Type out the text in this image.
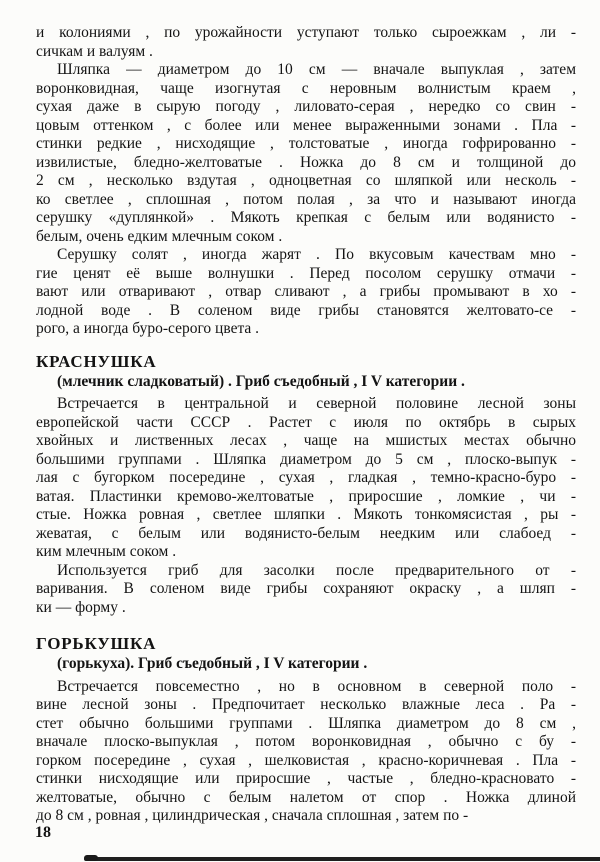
и колониями , по урожайности уступают только сыроежкам , ли -
сичкам и валуям .
Шляпка — диаметром до 10 см — вначале выпуклая , затем
воронковидная, чаще изогнутая с неровным волнистым краем ,
сухая даже в сырую погоду , лиловато-серая , нередко со свин -
цовым оттенком , с более или менее выраженными зонами . Пла -
стинки редкие , нисходящие , толстоватые , иногда гофрированно -
извилистые, бледно-желтоватые . Ножка до 8 см и толщиной до
2 см , несколько вздутая , одноцветная со шляпкой или несколь -
ко светлее , сплошная , потом полая , за что и называют иногда
серушку «дуплянкой» . Мякоть крепкая с белым или водянисто -
белым, очень едким млечным соком .
Серушку солят , иногда жарят . По вкусовым качествам мно -
гие ценят её выше волнушки . Перед посолом серушку отмачи -
вают или отваривают , отвар сливают , а грибы промывают в хо -
лодной воде . В соленом виде грибы становятся желтовато-се -
рого, а иногда буро-серого цвета .
КРАСНУШКА

(млечник сладковатый) . Гриб съедобный , I V категории .

Встречается в центральной и северной половине лесной зоны
европейской части СССР . Растет с июля по октябрь в сырых
хвойных и лиственных лесах , чаще на мшистых местах обычно
большими группами . Шляпка диаметром до 5 см , плоско-выпук -
лая с бугорком посередине , сухая , гладкая , темно-красно-буро -
ватая. Пластинки кремово-желтоватые , приросшие , ломкие , чи -
стые. Ножка ровная , светлее шляпки . Мякоть тонкомясистая , ры -
жеватая, с белым или водянисто-белым неедким или слабоед -
ким млечным соком .
Используется гриб для засолки после предварительного от -
варивания. В соленом виде грибы сохраняют окраску , а шляп -
ки — форму .
ГОРЬКУШКА

(горькуха). Гриб съедобный , I V категории .

Встречается повсеместно , но в основном в северной поло -
вине лесной зоны . Предпочитает несколько влажные леса . Ра -
стет обычно большими группами . Шляпка диаметром до 8 см ,
вначале плоско-выпуклая , потом воронковидная , обычно с бу -
горком посередине , сухая , шелковистая , красно-коричневая . Пла -
стинки нисходящие или приросшие , частые , бледно-красновато -
желтоватые, обычно с белым налетом от спор . Ножка длиной
до 8 см , ровная , цилиндрическая , сначала сплошная , затем по -
18
